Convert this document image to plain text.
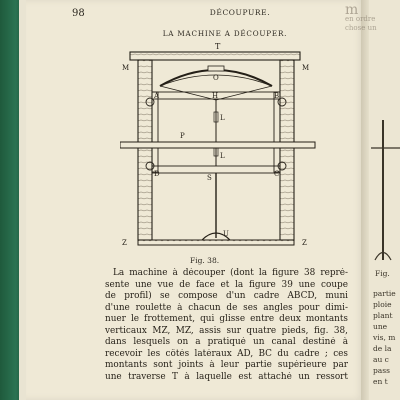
Fig.
partie
ploie
plant
une
vis, m
de la
au c
pass
en t
m
en ordre
chose un
98	DÉCOUPURE.
LA MACHINE A DÉCOUPER.
T
O
M	M
A	H	B
L
P
L
D	S	C
U
Z	Z
Fig. 38.
La machine à découper (dont la figure 38 repré-
sente une vue de face et la figure 39 une coupe
de profil) se compose d'un cadre ABCD, muni
d'une roulette à chacun de ses angles pour dimi-
nuer le frottement, qui glisse entre deux montants
verticaux MZ, MZ, assis sur quatre pieds, fig. 38,
dans lesquels on a pratiqué un canal destiné à
recevoir les côtés latéraux AD, BC du cadre ; ces
montants sont joints à leur partie supérieure par
une traverse T à laquelle est attaché un ressort
